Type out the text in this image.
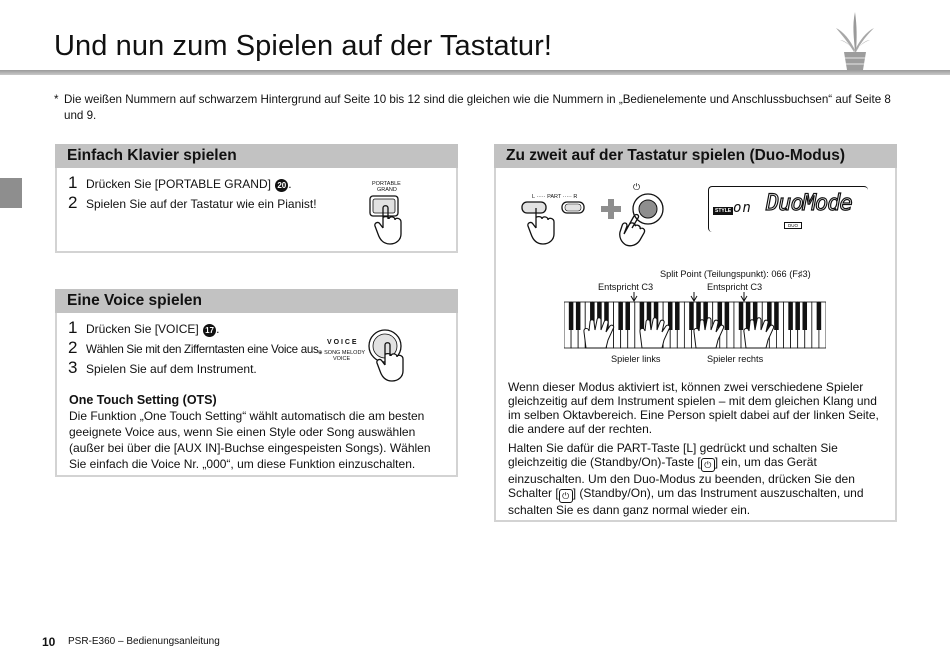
Und nun zum Spielen auf der Tastatur!
* Die weißen Nummern auf schwarzem Hintergrund auf Seite 10 bis 12 sind die gleichen wie die Nummern in „Bedienelemente und Anschlussbuchsen“ auf Seite 8 und 9.
Einfach Klavier spielen
1 Drücken Sie [PORTABLE GRAND] 20 .
2 Spielen Sie auf der Tastatur wie ein Pianist!
PORTABLE
GRAND
Eine Voice spielen
1 Drücken Sie [VOICE] 17 .
2 Wählen Sie mit den Zifferntasten eine Voice aus.
3 Spielen Sie auf dem Instrument.
V O I C E
⊕ SONG MELODY
VOICE
One Touch Setting (OTS)
Die Funktion „One Touch Setting“ wählt automatisch die am besten geeignete Voice aus, wenn Sie einen Style oder Song auswählen (außer bei über die [AUX IN]-Buchse eingespeisten Songs). Wählen Sie einfach die Voice Nr. „000“, um diese Funktion einzuschalten.
Zu zweit auf der Tastatur spielen (Duo-Modus)
L ····· PART ····· R
⏻
STYLE on DuoMode
DUO
Split Point (Teilungspunkt): 066 (F♯3)
Entspricht C3	Entspricht C3
Spieler links	Spieler rechts
Wenn dieser Modus aktiviert ist, können zwei verschiedene Spieler gleichzeitig auf dem Instrument spielen – mit dem gleichen Klang und im selben Oktavbereich. Eine Person spielt dabei auf der linken Seite, die andere auf der rechten.
Halten Sie dafür die PART-Taste [L] gedrückt und schalten Sie gleichzeitig die (Standby/On)-Taste [ ⏻ ] ein, um das Gerät einzuschalten. Um den Duo-Modus zu beenden, drücken Sie den Schalter [ ⏻ ] (Standby/On), um das Instrument auszuschalten, und schalten Sie es dann ganz normal wieder ein.
10 PSR-E360 – Bedienungsanleitung
